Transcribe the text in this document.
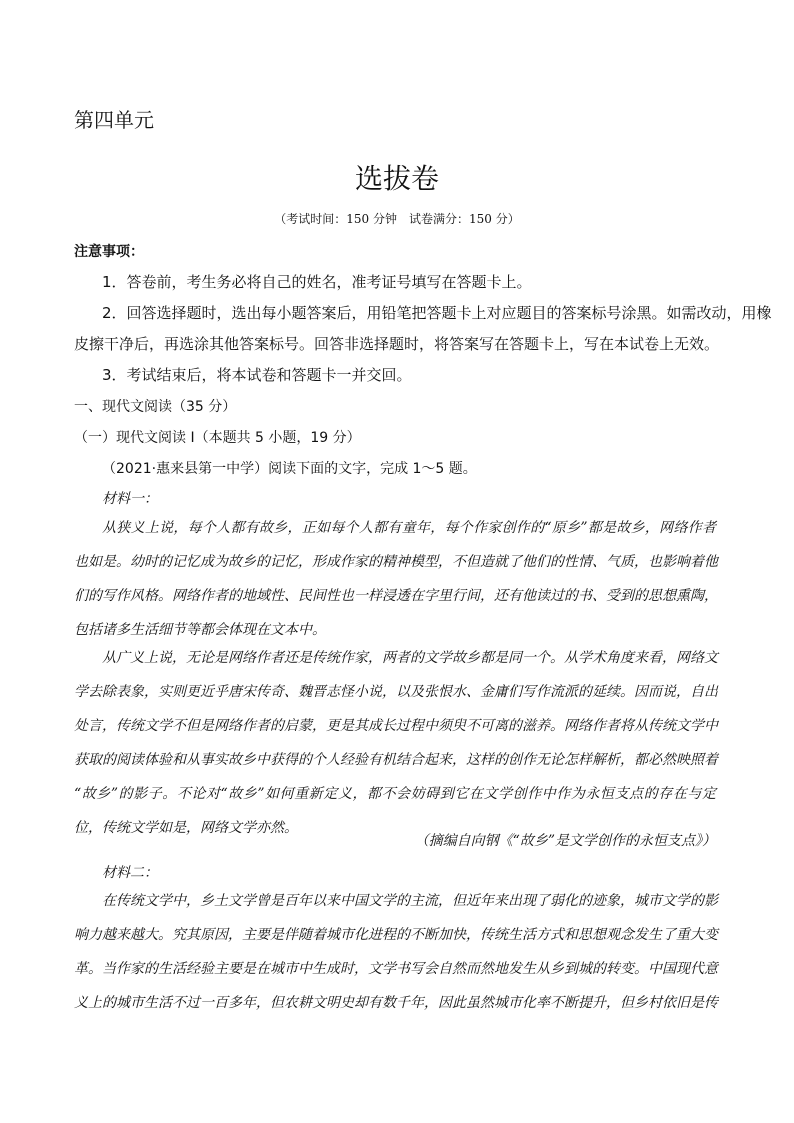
第四单元
选拔卷
（考试时间：150 分钟　试卷满分：150 分）
注意事项：
1．答卷前，考生务必将自己的姓名，准考证号填写在答题卡上。
2．回答选择题时，选出每小题答案后，用铅笔把答题卡上对应题目的答案标号涂黑。如需改动，用橡
皮擦干净后，再选涂其他答案标号。回答非选择题时，将答案写在答题卡上，写在本试卷上无效。
3．考试结束后，将本试卷和答题卡一并交回。
一、现代文阅读（35 分）
（一）现代文阅读 I（本题共 5 小题，19 分）
（2021·惠来县第一中学）阅读下面的文字，完成 1～5 题。
材料一：
从狭义上说，每个人都有故乡，正如每个人都有童年，每个作家创作的“原乡”都是故乡，网络作者
也如是。幼时的记忆成为故乡的记忆，形成作家的精神模型，不但造就了他们的性情、气质，也影响着他
们的写作风格。网络作者的地域性、民间性也一样浸透在字里行间，还有他读过的书、受到的思想熏陶，
包括诸多生活细节等都会体现在文本中。
从广义上说，无论是网络作者还是传统作家，两者的文学故乡都是同一个。从学术角度来看，网络文
学去除表象，实则更近乎唐宋传奇、魏晋志怪小说，以及张恨水、金庸们写作流派的延续。因而说，自出
处言，传统文学不但是网络作者的启蒙，更是其成长过程中须臾不可离的滋养。网络作者将从传统文学中
获取的阅读体验和从事实故乡中获得的个人经验有机结合起来，这样的创作无论怎样解析，都必然映照着
“故乡”的影子。不论对“故乡”如何重新定义，都不会妨碍到它在文学创作中作为永恒支点的存在与定
位，传统文学如是，网络文学亦然。
（摘编自向钢《“故乡”是文学创作的永恒支点》）
材料二：
在传统文学中，乡土文学曾是百年以来中国文学的主流，但近年来出现了弱化的迹象，城市文学的影
响力越来越大。究其原因，主要是伴随着城市化进程的不断加快，传统生活方式和思想观念发生了重大变
革。当作家的生活经验主要是在城市中生成时，文学书写会自然而然地发生从乡到城的转变。中国现代意
义上的城市生活不过一百多年，但农耕文明史却有数千年，因此虽然城市化率不断提升，但乡村依旧是传
